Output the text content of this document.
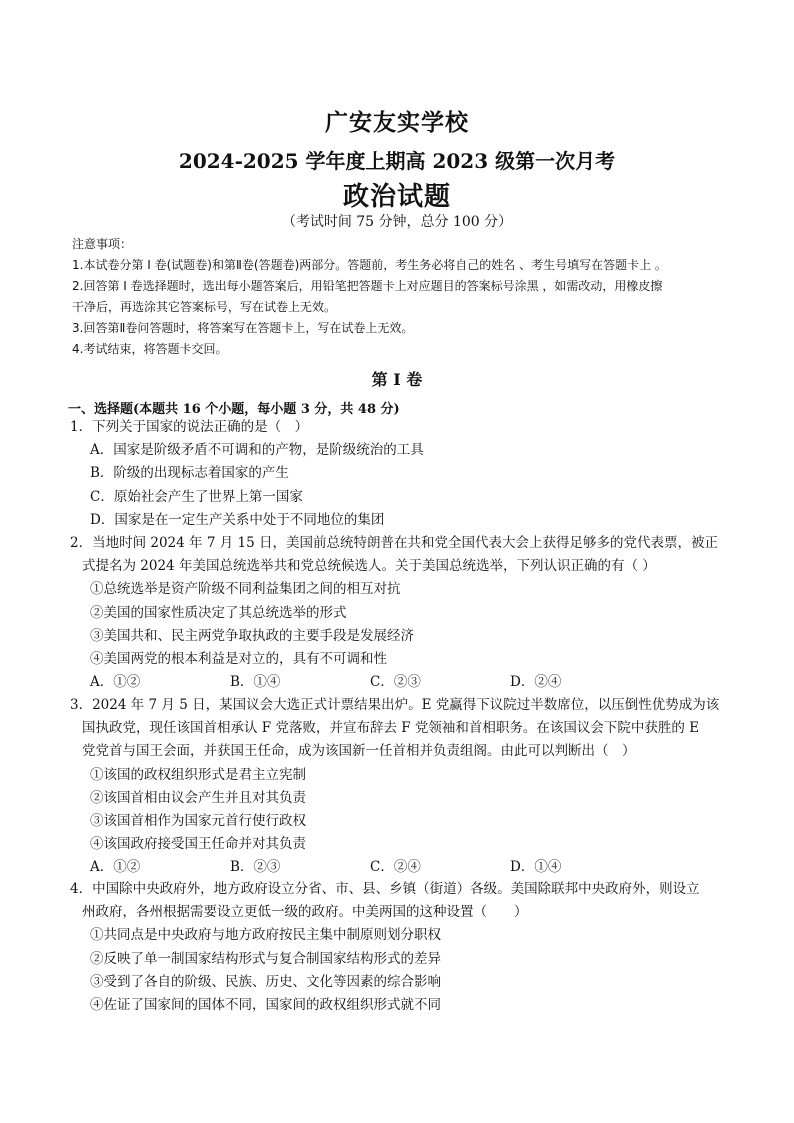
广安友实学校
2024-2025 学年度上期高 2023 级第一次月考
政治试题
（考试时间 75 分钟，总分 100 分）
注意事项：
1.本试卷分第 I 卷(试题卷)和第Ⅱ卷(答题卷)两部分。答题前，考生务必将自己的姓名 、考生号填写在答题卡上 。
2.回答第 I 卷选择题时，选出每小题答案后，用铅笔把答题卡上对应题目的答案标号涂黑 ，如需改动，用橡皮擦
干净后，再选涂其它答案标号，写在试卷上无效。
3.回答第Ⅱ卷问答题时，将答案写在答题卡上，写在试卷上无效。
4.考试结束，将答题卡交回。
第 I 卷
一、选择题(本题共 16 个小题，每小题 3 分，共 48 分)
1．下列关于国家的说法正确的是（　）
A．国家是阶级矛盾不可调和的产物，是阶级统治的工具
B．阶级的出现标志着国家的产生
C．原始社会产生了世界上第一国家
D．国家是在一定生产关系中处于不同地位的集团
2．当地时间 2024 年 7 月 15 日，美国前总统特朗普在共和党全国代表大会上获得足够多的党代表票，被正
式提名为 2024 年美国总统选举共和党总统候选人。关于美国总统选举，下列认识正确的有（ ）
①总统选举是资产阶级不同利益集团之间的相互对抗
②美国的国家性质决定了其总统选举的形式
③美国共和、民主两党争取执政的主要手段是发展经济
④美国两党的根本利益是对立的，具有不可调和性
A．①②	B．①④	C．②③	D．②④
3．2024 年 7 月 5 日，某国议会大选正式计票结果出炉。E 党赢得下议院过半数席位，以压倒性优势成为该
国执政党，现任该国首相承认 F 党落败，并宣布辞去 F 党领袖和首相职务。在该国议会下院中获胜的 E
党党首与国王会面，并获国王任命，成为该国新一任首相并负责组阁。由此可以判断出（　）
①该国的政权组织形式是君主立宪制
②该国首相由议会产生并且对其负责
③该国首相作为国家元首行使行政权
④该国政府接受国王任命并对其负责
A．①②	B．②③	C．②④	D．①④
4．中国除中央政府外，地方政府设立分省、市、县、乡镇（街道）各级。美国除联邦中央政府外，则设立
州政府，各州根据需要设立更低一级的政府。中美两国的这种设置（　　）
①共同点是中央政府与地方政府按民主集中制原则划分职权
②反映了单一制国家结构形式与复合制国家结构形式的差异
③受到了各自的阶级、民族、历史、文化等因素的综合影响
④佐证了国家间的国体不同，国家间的政权组织形式就不同
